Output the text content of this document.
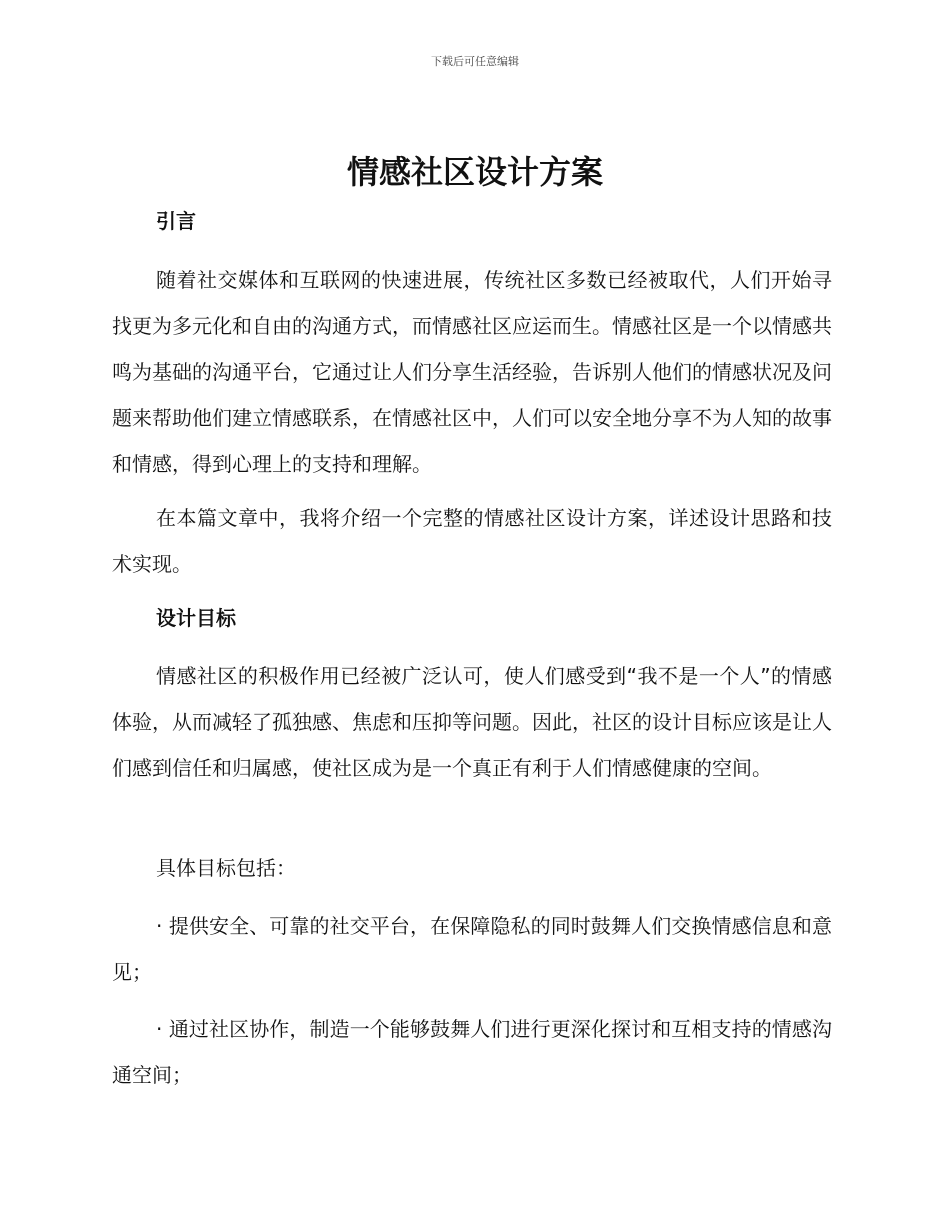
下载后可任意编辑
情感社区设计方案
引言

随着社交媒体和互联网的快速进展，传统社区多数已经被取代，人们开始寻找更为多元化和自由的沟通方式，而情感社区应运而生。情感社区是一个以情感共鸣为基础的沟通平台，它通过让人们分享生活经验，告诉别人他们的情感状况及问题来帮助他们建立情感联系，在情感社区中，人们可以安全地分享不为人知的故事和情感，得到心理上的支持和理解。

在本篇文章中，我将介绍一个完整的情感社区设计方案，详述设计思路和技术实现。

设计目标

情感社区的积极作用已经被广泛认可，使人们感受到“我不是一个人”的情感体验，从而减轻了孤独感、焦虑和压抑等问题。因此，社区的设计目标应该是让人们感到信任和归属感，使社区成为是一个真正有利于人们情感健康的空间。

具体目标包括：

· 提供安全、可靠的社交平台，在保障隐私的同时鼓舞人们交换情感信息和意见；

· 通过社区协作，制造一个能够鼓舞人们进行更深化探讨和互相支持的情感沟通空间；
